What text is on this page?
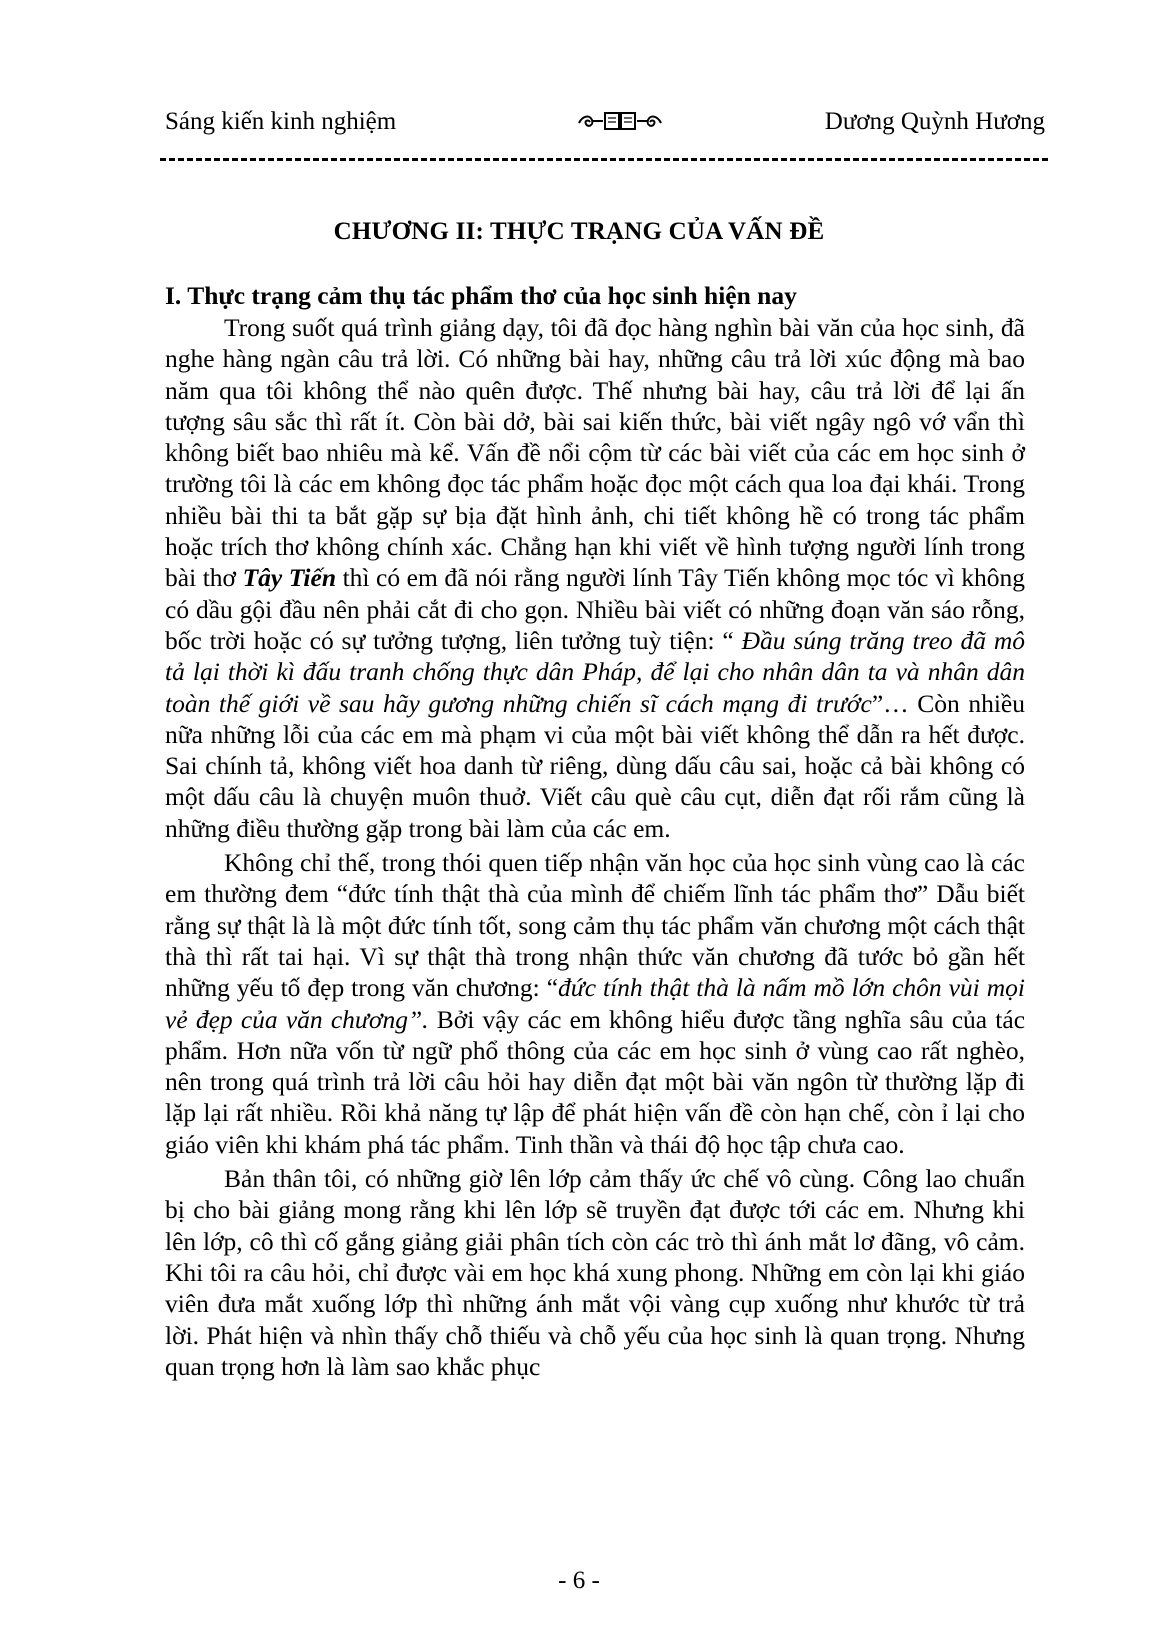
Sáng kiến kinh nghiệm	Dương Quỳnh Hương
CHƯƠNG II: THỰC TRẠNG CỦA VẤN ĐỀ
I. Thực trạng cảm thụ tác phẩm thơ của học sinh hiện nay

Trong suốt quá trình giảng dạy, tôi đã đọc hàng nghìn bài văn của học sinh, đã nghe hàng ngàn câu trả lời. Có những bài hay, những câu trả lời xúc động mà bao năm qua tôi không thể nào quên được. Thế nhưng bài hay, câu trả lời để lại ấn tượng sâu sắc thì rất ít. Còn bài dở, bài sai kiến thức, bài viết ngây ngô vớ vẩn thì không biết bao nhiêu mà kể. Vấn đề nổi cộm từ các bài viết của các em học sinh ở trường tôi là các em không đọc tác phẩm hoặc đọc một cách qua loa đại khái. Trong nhiều bài thi ta bắt gặp sự bịa đặt hình ảnh, chi tiết không hề có trong tác phẩm hoặc trích thơ không chính xác. Chẳng hạn khi viết về hình tượng người lính trong bài thơ Tây Tiến thì có em đã nói rằng người lính Tây Tiến không mọc tóc vì không có dầu gội đầu nên phải cắt đi cho gọn. Nhiều bài viết có những đoạn văn sáo rỗng, bốc trời hoặc có sự tưởng tượng, liên tưởng tuỳ tiện: “ Đầu súng trăng treo đã mô tả lại thời kì đấu tranh chống thực dân Pháp, để lại cho nhân dân ta và nhân dân toàn thế giới về sau hãy gương những chiến sĩ cách mạng đi trước”… Còn nhiều nữa những lỗi của các em mà phạm vi của một bài viết không thể dẫn ra hết được. Sai chính tả, không viết hoa danh từ riêng, dùng dấu câu sai, hoặc cả bài không có một dấu câu là chuyện muôn thuở. Viết câu què câu cụt, diễn đạt rối rắm cũng là những điều thường gặp trong bài làm của các em.

Không chỉ thế, trong thói quen tiếp nhận văn học của học sinh vùng cao là các em thường đem “đức tính thật thà của mình để chiếm lĩnh tác phẩm thơ” Dẫu biết rằng sự thật là là một đức tính tốt, song cảm thụ tác phẩm văn chương một cách thật thà thì rất tai hại. Vì sự thật thà trong nhận thức văn chương đã tước bỏ gần hết những yếu tố đẹp trong văn chương: “đức tính thật thà là nấm mồ lớn chôn vùi mọi vẻ đẹp của văn chương”. Bởi vậy các em không hiểu được tầng nghĩa sâu của tác phẩm. Hơn nữa vốn từ ngữ phổ thông của các em học sinh ở vùng cao rất nghèo, nên trong quá trình trả lời câu hỏi hay diễn đạt một bài văn ngôn từ thường lặp đi lặp lại rất nhiều. Rồi khả năng tự lập để phát hiện vấn đề còn hạn chế, còn ỉ lại cho giáo viên khi khám phá tác phẩm. Tinh thần và thái độ học tập chưa cao.

Bản thân tôi, có những giờ lên lớp cảm thấy ức chế vô cùng. Công lao chuẩn bị cho bài giảng mong rằng khi lên lớp sẽ truyền đạt được tới các em. Nhưng khi lên lớp, cô thì cố gắng giảng giải phân tích còn các trò thì ánh mắt lơ đãng, vô cảm. Khi tôi ra câu hỏi, chỉ được vài em học khá xung phong. Những em còn lại khi giáo viên đưa mắt xuống lớp thì những ánh mắt vội vàng cụp xuống như khước từ trả lời. Phát hiện và nhìn thấy chỗ thiếu và chỗ yếu của học sinh là quan trọng. Nhưng quan trọng hơn là làm sao khắc phục

- 6 -
